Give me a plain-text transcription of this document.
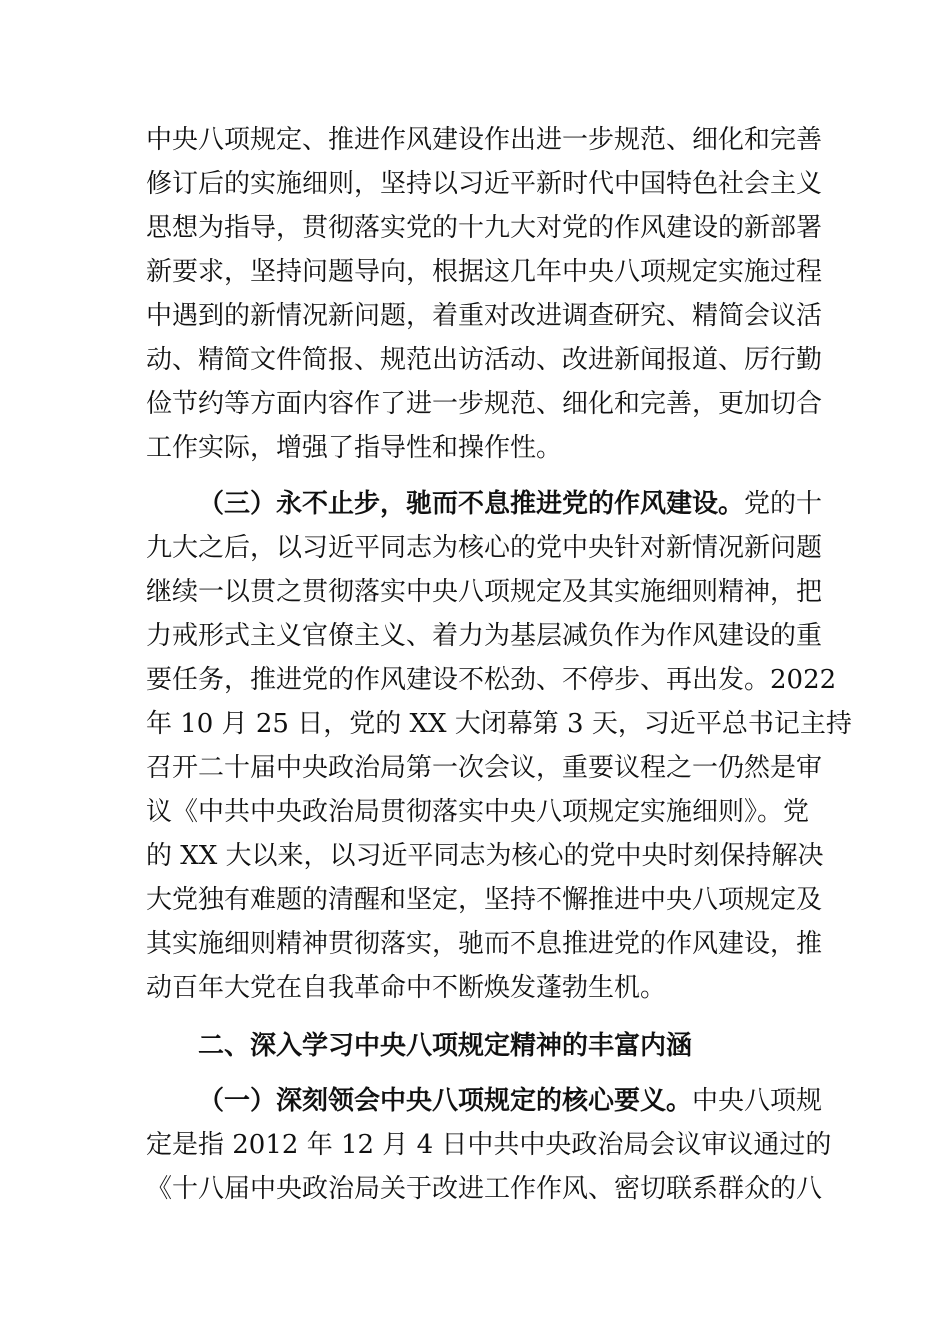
中央八项规定、推进作风建设作出进一步规范、细化和完善
修订后的实施细则，坚持以习近平新时代中国特色社会主义
思想为指导，贯彻落实党的十九大对党的作风建设的新部署
新要求，坚持问题导向，根据这几年中央八项规定实施过程
中遇到的新情况新问题，着重对改进调查研究、精简会议活
动、精简文件简报、规范出访活动、改进新闻报道、厉行勤
俭节约等方面内容作了进一步规范、细化和完善，更加切合
工作实际，增强了指导性和操作性。
（三）永不止步，驰而不息推进党的作风建设。党的十
九大之后，以习近平同志为核心的党中央针对新情况新问题
继续一以贯之贯彻落实中央八项规定及其实施细则精神，把
力戒形式主义官僚主义、着力为基层减负作为作风建设的重
要任务，推进党的作风建设不松劲、不停步、再出发。2022
年 10 月 25 日，党的 XX 大闭幕第 3 天，习近平总书记主持
召开二十届中央政治局第一次会议，重要议程之一仍然是审
议《中共中央政治局贯彻落实中央八项规定实施细则》。党
的 XX 大以来，以习近平同志为核心的党中央时刻保持解决
大党独有难题的清醒和坚定，坚持不懈推进中央八项规定及
其实施细则精神贯彻落实，驰而不息推进党的作风建设，推
动百年大党在自我革命中不断焕发蓬勃生机。
二、深入学习中央八项规定精神的丰富内涵
（一）深刻领会中央八项规定的核心要义。中央八项规
定是指 2012 年 12 月 4 日中共中央政治局会议审议通过的
《十八届中央政治局关于改进工作作风、密切联系群众的八
